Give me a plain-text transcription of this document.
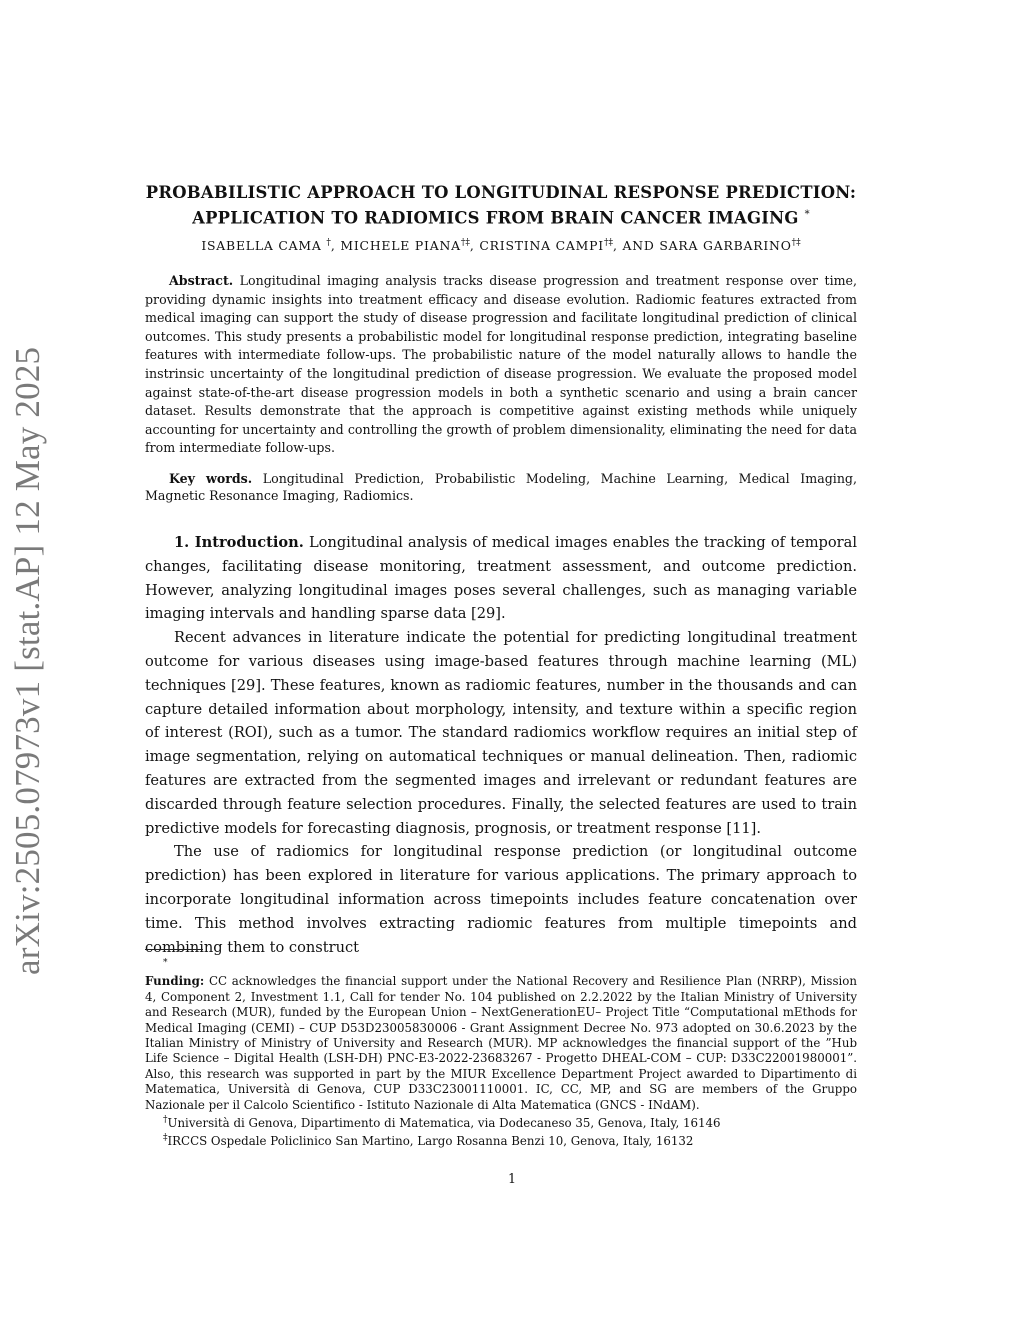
arXiv:2505.07973v1 [stat.AP] 12 May 2025
PROBABILISTIC APPROACH TO LONGITUDINAL RESPONSE PREDICTION:
APPLICATION TO RADIOMICS FROM BRAIN CANCER IMAGING *
ISABELLA CAMA †, MICHELE PIANA†‡, CRISTINA CAMPI†‡, AND SARA GARBARINO†‡
Abstract. Longitudinal imaging analysis tracks disease progression and treatment response over time, providing dynamic insights into treatment efficacy and disease evolution. Radiomic features extracted from medical imaging can support the study of disease progression and facilitate longitudinal prediction of clinical outcomes. This study presents a probabilistic model for longitudinal response prediction, integrating baseline features with intermediate follow-ups. The probabilistic nature of the model naturally allows to handle the instrinsic uncertainty of the longitudinal prediction of disease progression. We evaluate the proposed model against state-of-the-art disease progression models in both a synthetic scenario and using a brain cancer dataset. Results demonstrate that the approach is competitive against existing methods while uniquely accounting for uncertainty and controlling the growth of problem dimensionality, eliminating the need for data from intermediate follow-ups.
Key words. Longitudinal Prediction, Probabilistic Modeling, Machine Learning, Medical Imaging, Magnetic Resonance Imaging, Radiomics.

1. Introduction. Longitudinal analysis of medical images enables the tracking of temporal changes, facilitating disease monitoring, treatment assessment, and outcome prediction. However, analyzing longitudinal images poses several challenges, such as managing variable imaging intervals and handling sparse data [29].

Recent advances in literature indicate the potential for predicting longitudinal treatment outcome for various diseases using image-based features through machine learning (ML) techniques [29]. These features, known as radiomic features, number in the thousands and can capture detailed information about morphology, intensity, and texture within a specific region of interest (ROI), such as a tumor. The standard radiomics workflow requires an initial step of image segmentation, relying on automatical techniques or manual delineation. Then, radiomic features are extracted from the segmented images and irrelevant or redundant features are discarded through feature selection procedures. Finally, the selected features are used to train predictive models for forecasting diagnosis, prognosis, or treatment response [11].

The use of radiomics for longitudinal response prediction (or longitudinal outcome prediction) has been explored in literature for various applications. The primary approach to incorporate longitudinal information across timepoints includes feature concatenation over time. This method involves extracting radiomic features from multiple timepoints and combining them to construct

*
Funding: CC acknowledges the financial support under the National Recovery and Resilience Plan (NRRP), Mission 4, Component 2, Investment 1.1, Call for tender No. 104 published on 2.2.2022 by the Italian Ministry of University and Research (MUR), funded by the European Union – NextGenerationEU– Project Title “Computational mEthods for Medical Imaging (CEMI) – CUP D53D23005830006 - Grant Assignment Decree No. 973 adopted on 30.6.2023 by the Italian Ministry of Ministry of University and Research (MUR). MP acknowledges the financial support of the ”Hub Life Science – Digital Health (LSH-DH) PNC-E3-2022-23683267 - Progetto DHEAL-COM – CUP: D33C22001980001”. Also, this research was supported in part by the MIUR Excellence Department Project awarded to Dipartimento di Matematica, Università di Genova, CUP D33C23001110001. IC, CC, MP, and SG are members of the Gruppo Nazionale per il Calcolo Scientifico - Istituto Nazionale di Alta Matematica (GNCS - INdAM).

†Università di Genova, Dipartimento di Matematica, via Dodecaneso 35, Genova, Italy, 16146

‡IRCCS Ospedale Policlinico San Martino, Largo Rosanna Benzi 10, Genova, Italy, 16132

1
